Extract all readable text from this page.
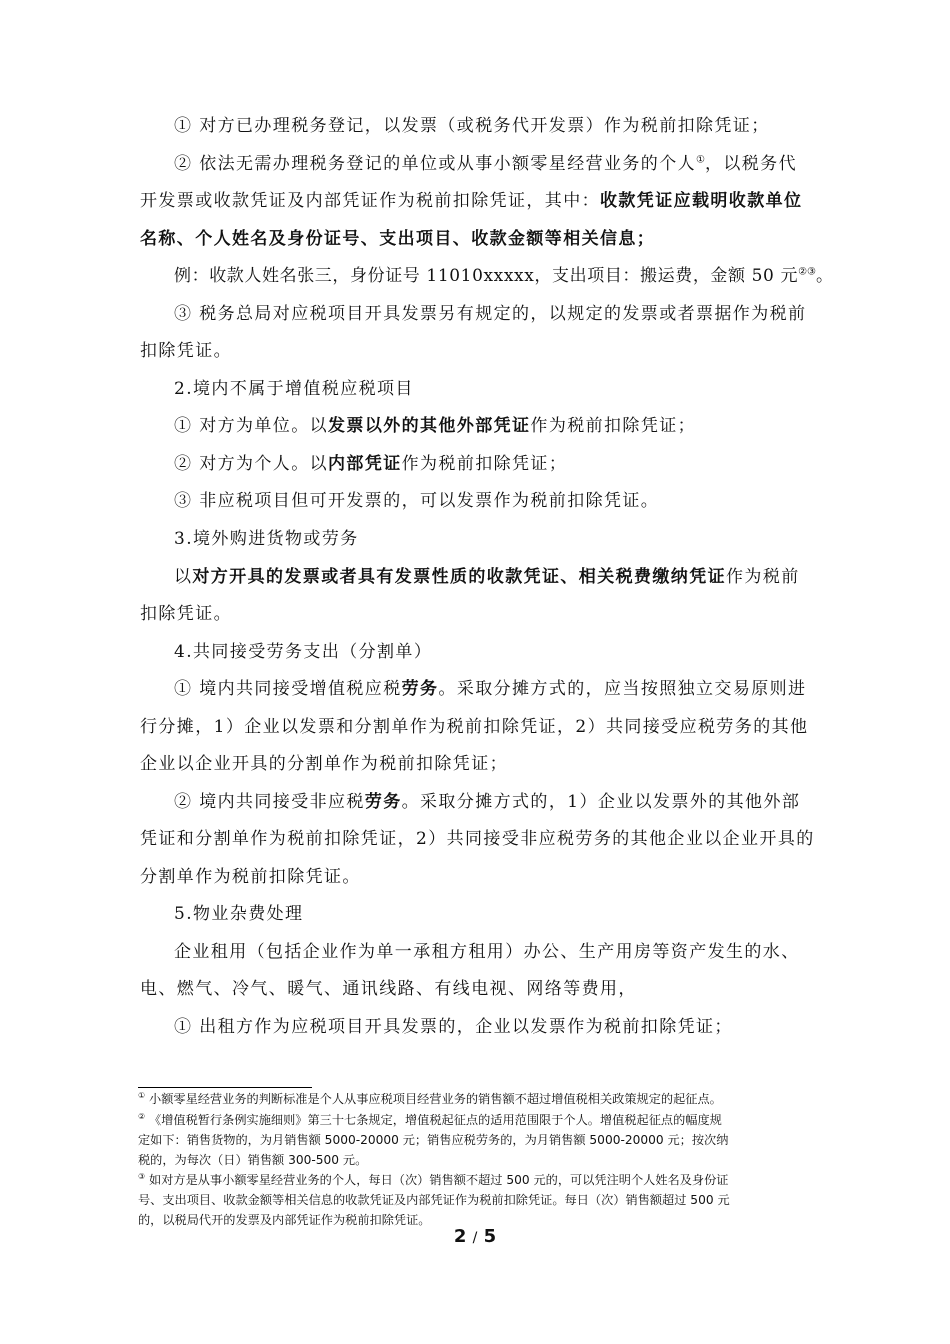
① 对方已办理税务登记，以发票（或税务代开发票）作为税前扣除凭证；
② 依法无需办理税务登记的单位或从事小额零星经营业务的个人①，以税务代
开发票或收款凭证及内部凭证作为税前扣除凭证，其中：收款凭证应载明收款单位
名称、个人姓名及身份证号、支出项目、收款金额等相关信息；
例：收款人姓名张三，身份证号 11010xxxxx，支出项目：搬运费，金额 50 元②③。
③ 税务总局对应税项目开具发票另有规定的，以规定的发票或者票据作为税前
扣除凭证。
2.境内不属于增值税应税项目
① 对方为单位。以发票以外的其他外部凭证作为税前扣除凭证；
② 对方为个人。以内部凭证作为税前扣除凭证；
③ 非应税项目但可开发票的，可以发票作为税前扣除凭证。
3.境外购进货物或劳务
以对方开具的发票或者具有发票性质的收款凭证、相关税费缴纳凭证作为税前
扣除凭证。
4.共同接受劳务支出（分割单）
① 境内共同接受增值税应税劳务。采取分摊方式的，应当按照独立交易原则进
行分摊，1）企业以发票和分割单作为税前扣除凭证，2）共同接受应税劳务的其他
企业以企业开具的分割单作为税前扣除凭证；
② 境内共同接受非应税劳务。采取分摊方式的，1）企业以发票外的其他外部
凭证和分割单作为税前扣除凭证，2）共同接受非应税劳务的其他企业以企业开具的
分割单作为税前扣除凭证。
5.物业杂费处理
企业租用（包括企业作为单一承租方租用）办公、生产用房等资产发生的水、
电、燃气、冷气、暖气、通讯线路、有线电视、网络等费用，
① 出租方作为应税项目开具发票的，企业以发票作为税前扣除凭证；
① 小额零星经营业务的判断标准是个人从事应税项目经营业务的销售额不超过增值税相关政策规定的起征点。
② 《增值税暂行条例实施细则》第三十七条规定，增值税起征点的适用范围限于个人。增值税起征点的幅度规
定如下：销售货物的，为月销售额 5000-20000 元；销售应税劳务的，为月销售额 5000-20000 元；按次纳
税的，为每次（日）销售额 300-500 元。
③ 如对方是从事小额零星经营业务的个人，每日（次）销售额不超过 500 元的，可以凭注明个人姓名及身份证
号、支出项目、收款金额等相关信息的收款凭证及内部凭证作为税前扣除凭证。每日（次）销售额超过 500 元
的，以税局代开的发票及内部凭证作为税前扣除凭证。
2 / 5
